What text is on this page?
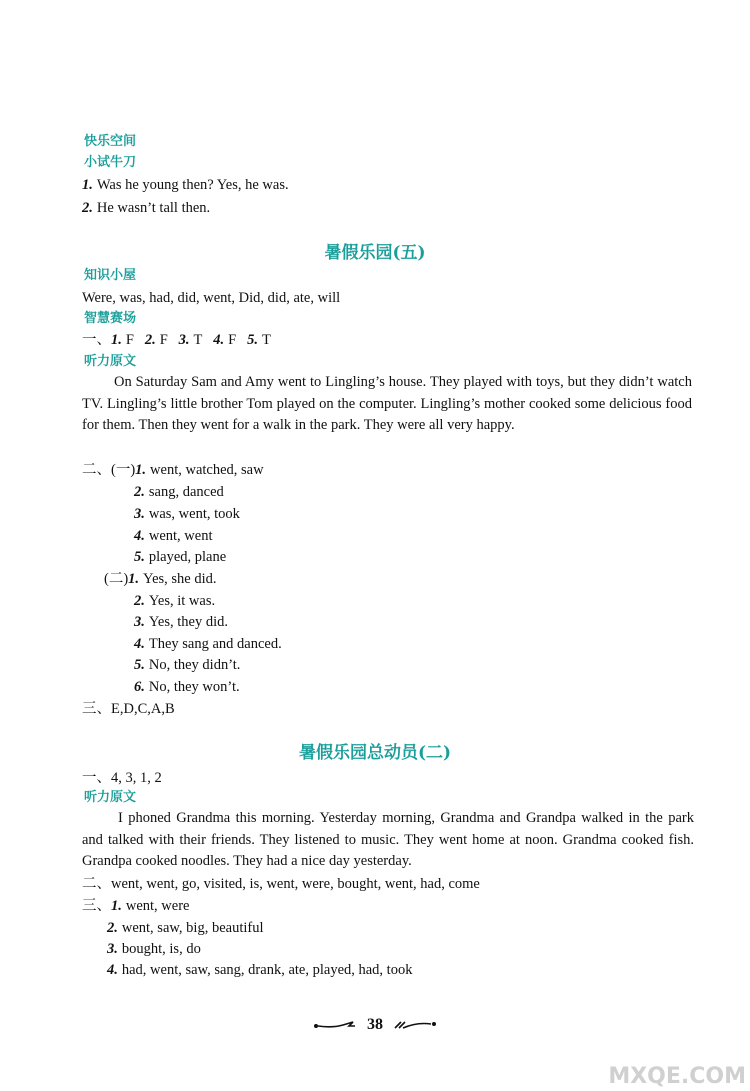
快乐空间
小试牛刀
1. Was he young then? Yes, he was.
2. He wasn’t tall then.
暑假乐园(五)
知识小屋
Were, was, had, did, went, Did, did, ate, will
智慧赛场
一、1. F 2. F 3. T 4. F 5. T
听力原文
On Saturday Sam and Amy went to Lingling’s house. They played with toys, but they didn’t watch TV. Lingling’s little brother Tom played on the computer. Lingling’s mother cooked some delicious food for them. Then they went for a walk in the park. They were all very happy.
二、(一)1. went, watched, saw
2. sang, danced
3. was, went, took
4. went, went
5. played, plane
(二)1. Yes, she did.
2. Yes, it was.
3. Yes, they did.
4. They sang and danced.
5. No, they didn’t.
6. No, they won’t.
三、E,D,C,A,B
暑假乐园总动员(二)
一、4, 3, 1, 2
听力原文
I phoned Grandma this morning. Yesterday morning, Grandma and Grandpa walked in the park and talked with their friends. They listened to music. They went home at noon. Grandma cooked fish. Grandpa cooked noodles. They had a nice day yesterday.
二、went, went, go, visited, is, went, were, bought, went, had, come
三、1. went, were
2. went, saw, big, beautiful
3. bought, is, do
4. had, went, saw, sang, drank, ate, played, had, took
38
MXQE.COM
